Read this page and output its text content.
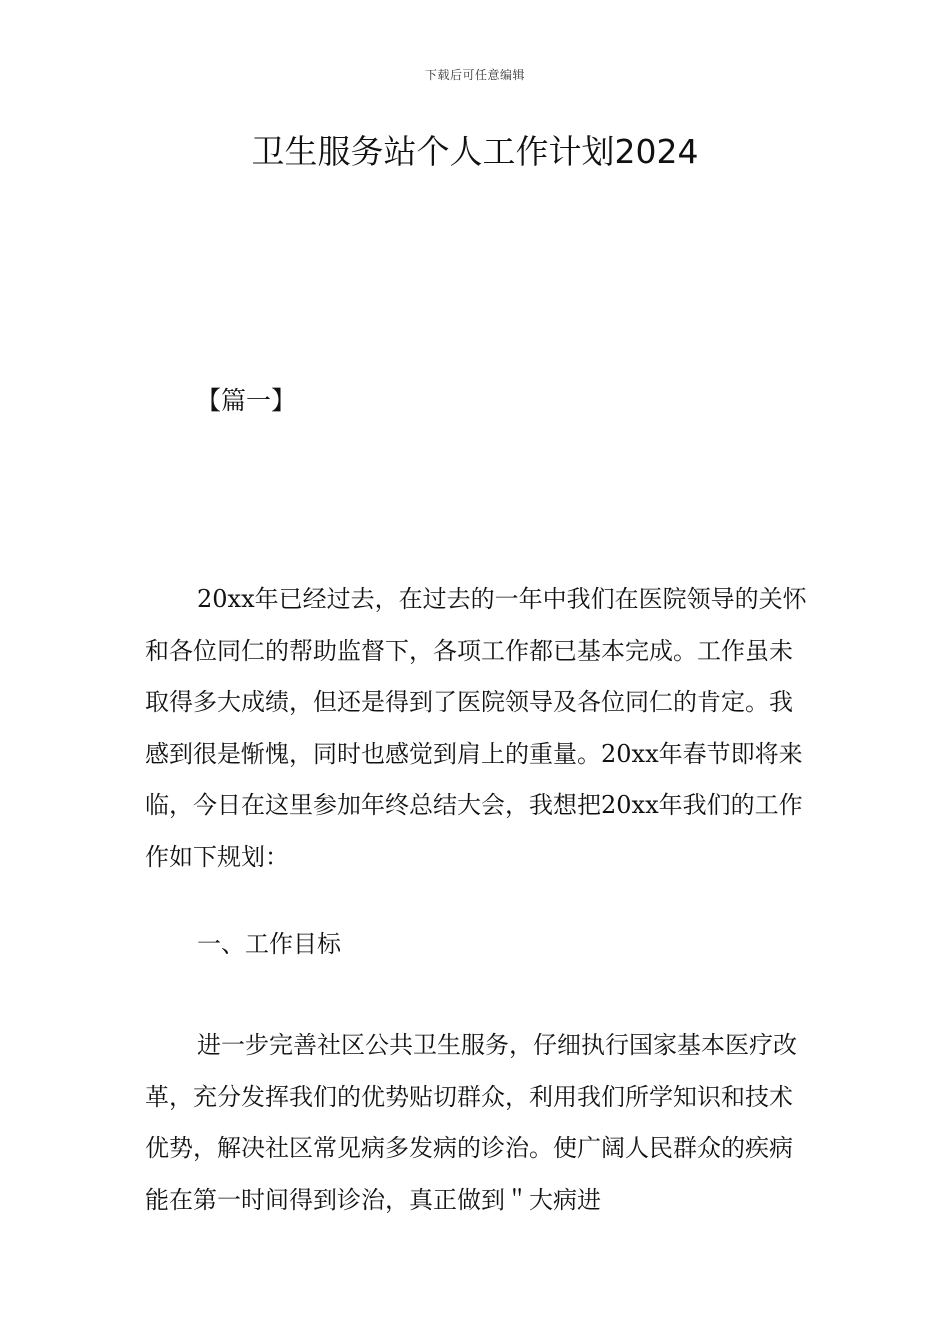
下载后可任意编辑
卫生服务站个人工作计划2024
【篇一】

20xx年已经过去，在过去的一年中我们在医院领导的关怀和各位同仁的帮助监督下，各项工作都已基本完成。工作虽未取得多大成绩，但还是得到了医院领导及各位同仁的肯定。我感到很是惭愧，同时也感觉到肩上的重量。20xx年春节即将来临，今日在这里参加年终总结大会，我想把20xx年我们的工作作如下规划：

一、工作目标

进一步完善社区公共卫生服务，仔细执行国家基本医疗改革，充分发挥我们的优势贴切群众，利用我们所学知识和技术优势，解决社区常见病多发病的诊治。使广阔人民群众的疾病能在第一时间得到诊治，真正做到＂大病进
